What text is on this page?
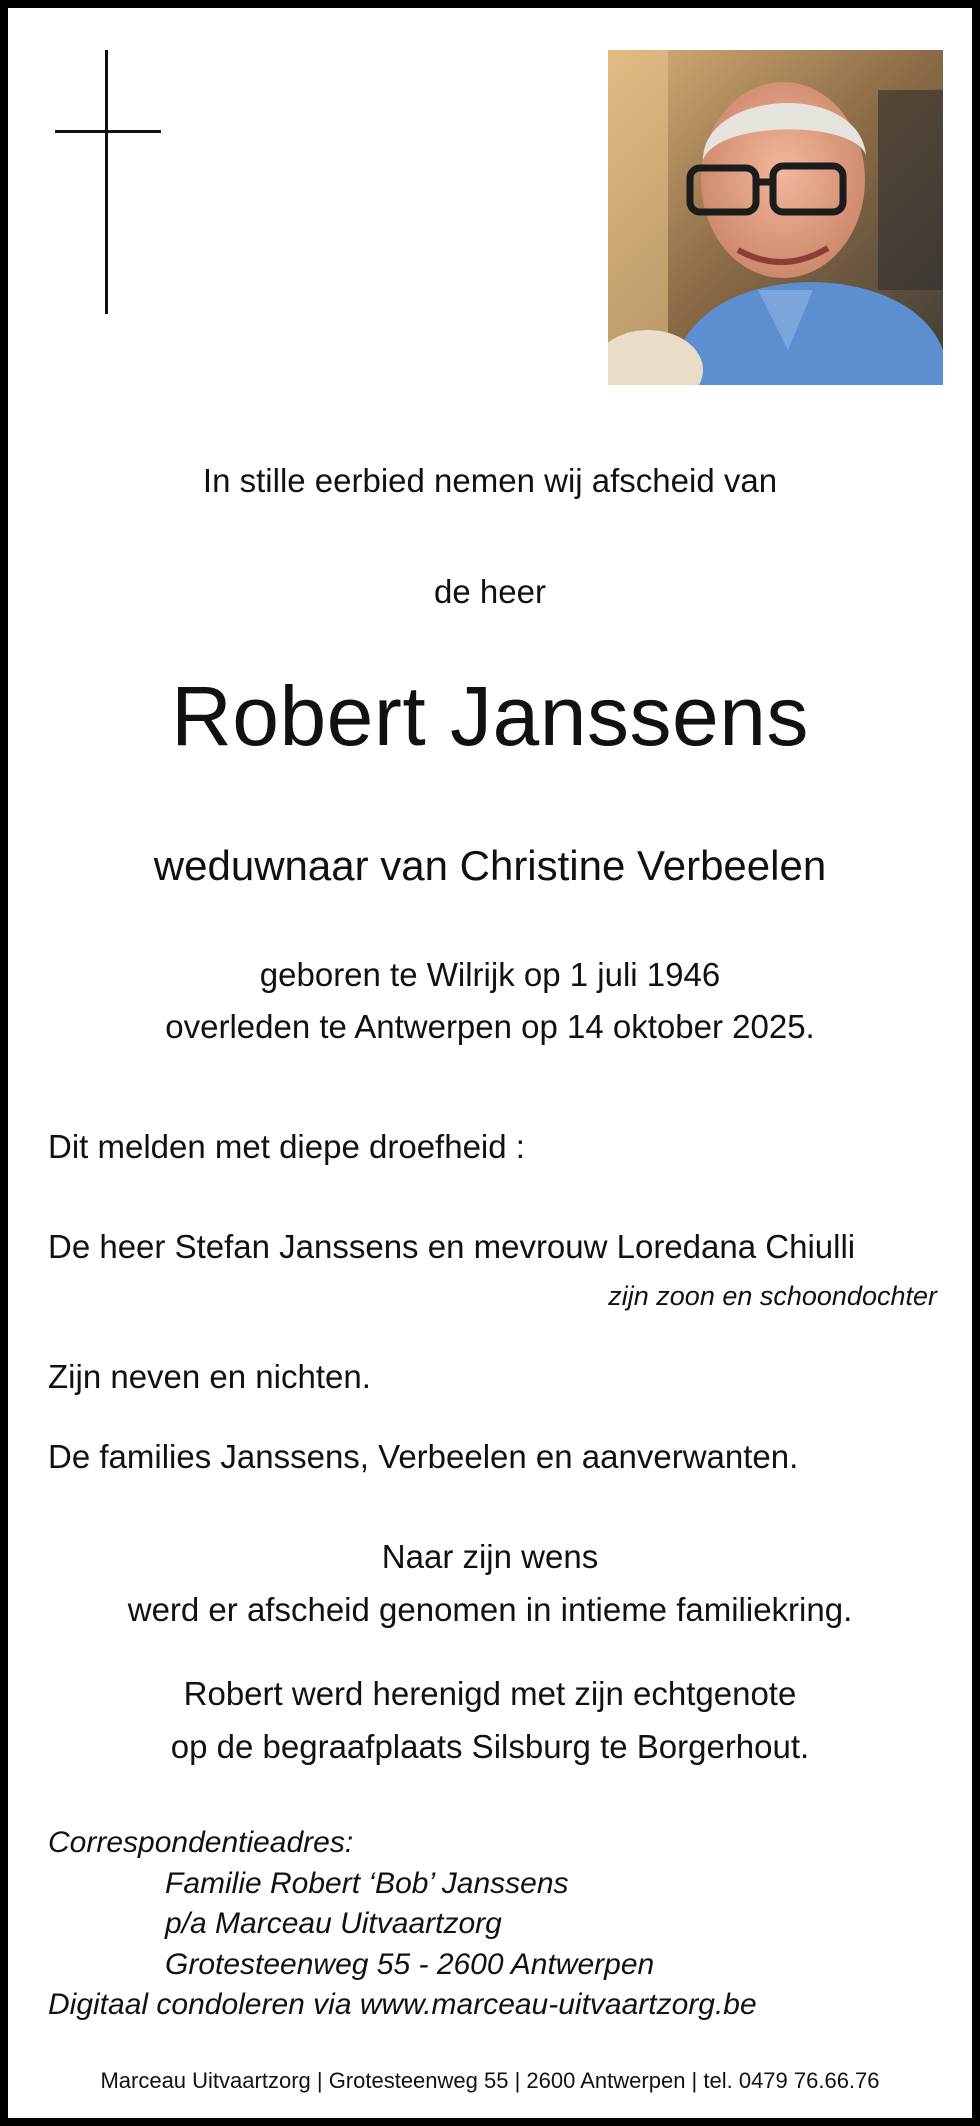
In stille eerbied nemen wij afscheid van
de heer
Robert Janssens
weduwnaar van Christine Verbeelen
geboren te Wilrijk op 1 juli 1946
overleden te Antwerpen op 14 oktober 2025.
Dit melden met diepe droefheid :
De heer Stefan Janssens en mevrouw Loredana Chiulli
zijn zoon en schoondochter
Zijn neven en nichten.
De families Janssens, Verbeelen en aanverwanten.
Naar zijn wens
werd er afscheid genomen in intieme familiekring.
Robert werd herenigd met zijn echtgenote
op de begraafplaats Silsburg te Borgerhout.
Correspondentieadres:
Familie Robert ‘Bob’ Janssens
p/a Marceau Uitvaartzorg
Grotesteenweg 55 - 2600 Antwerpen
Digitaal condoleren via www.marceau-uitvaartzorg.be
Marceau Uitvaartzorg | Grotesteenweg 55 | 2600 Antwerpen | tel. 0479 76.66.76
